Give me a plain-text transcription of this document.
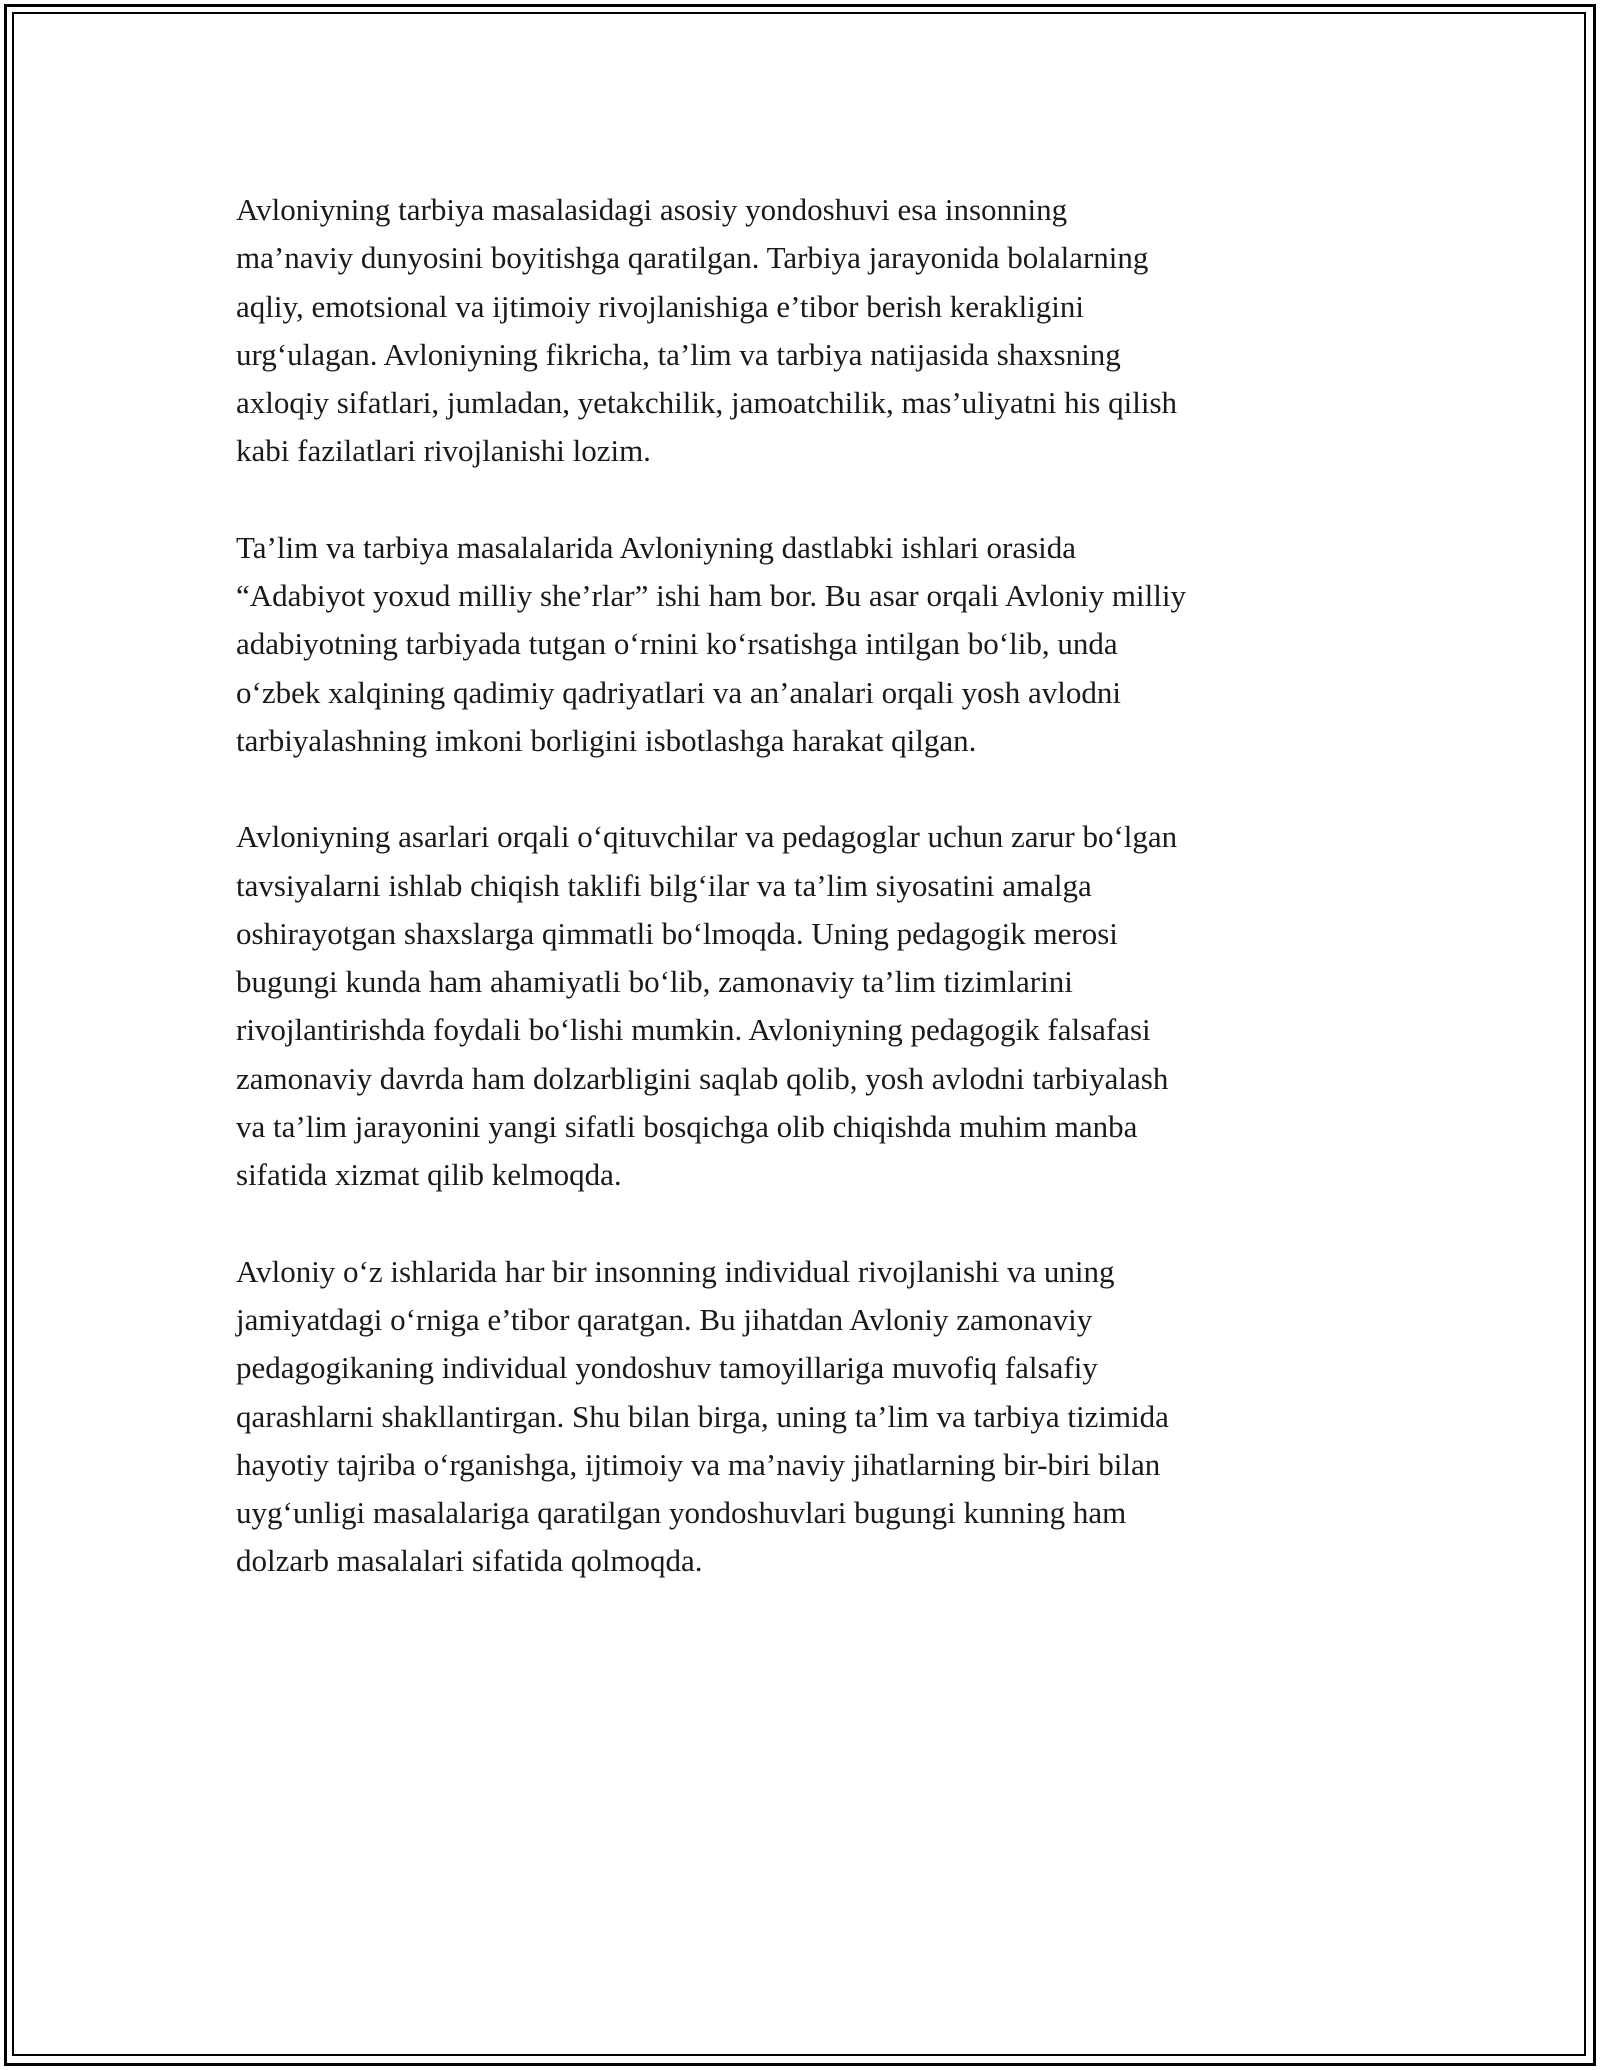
Avloniyning tarbiya masalasidagi asosiy yondoshuvi esa insonning
ma’naviy dunyosini boyitishga qaratilgan. Tarbiya jarayonida bolalarning
aqliy, emotsional va ijtimoiy rivojlanishiga e’tibor berish kerakligini
urg‘ulagan. Avloniyning fikricha, ta’lim va tarbiya natijasida shaxsning
axloqiy sifatlari, jumladan, yetakchilik, jamoatchilik, mas’uliyatni his qilish
kabi fazilatlari rivojlanishi lozim.

Ta’lim va tarbiya masalalarida Avloniyning dastlabki ishlari orasida
“Adabiyot yoxud milliy she’rlar” ishi ham bor. Bu asar orqali Avloniy milliy
adabiyotning tarbiyada tutgan o‘rnini ko‘rsatishga intilgan bo‘lib, unda
o‘zbek xalqining qadimiy qadriyatlari va an’analari orqali yosh avlodni
tarbiyalashning imkoni borligini isbotlashga harakat qilgan.

Avloniyning asarlari orqali o‘qituvchilar va pedagoglar uchun zarur bo‘lgan
tavsiyalarni ishlab chiqish taklifi bilg‘ilar va ta’lim siyosatini amalga
oshirayotgan shaxslarga qimmatli bo‘lmoqda. Uning pedagogik merosi
bugungi kunda ham ahamiyatli bo‘lib, zamonaviy ta’lim tizimlarini
rivojlantirishda foydali bo‘lishi mumkin. Avloniyning pedagogik falsafasi
zamonaviy davrda ham dolzarbligini saqlab qolib, yosh avlodni tarbiyalash
va ta’lim jarayonini yangi sifatli bosqichga olib chiqishda muhim manba
sifatida xizmat qilib kelmoqda.

Avloniy o‘z ishlarida har bir insonning individual rivojlanishi va uning
jamiyatdagi o‘rniga e’tibor qaratgan. Bu jihatdan Avloniy zamonaviy
pedagogikaning individual yondoshuv tamoyillariga muvofiq falsafiy
qarashlarni shakllantirgan. Shu bilan birga, uning ta’lim va tarbiya tizimida
hayotiy tajriba o‘rganishga, ijtimoiy va ma’naviy jihatlarning bir-biri bilan
uyg‘unligi masalalariga qaratilgan yondoshuvlari bugungi kunning ham
dolzarb masalalari sifatida qolmoqda.
